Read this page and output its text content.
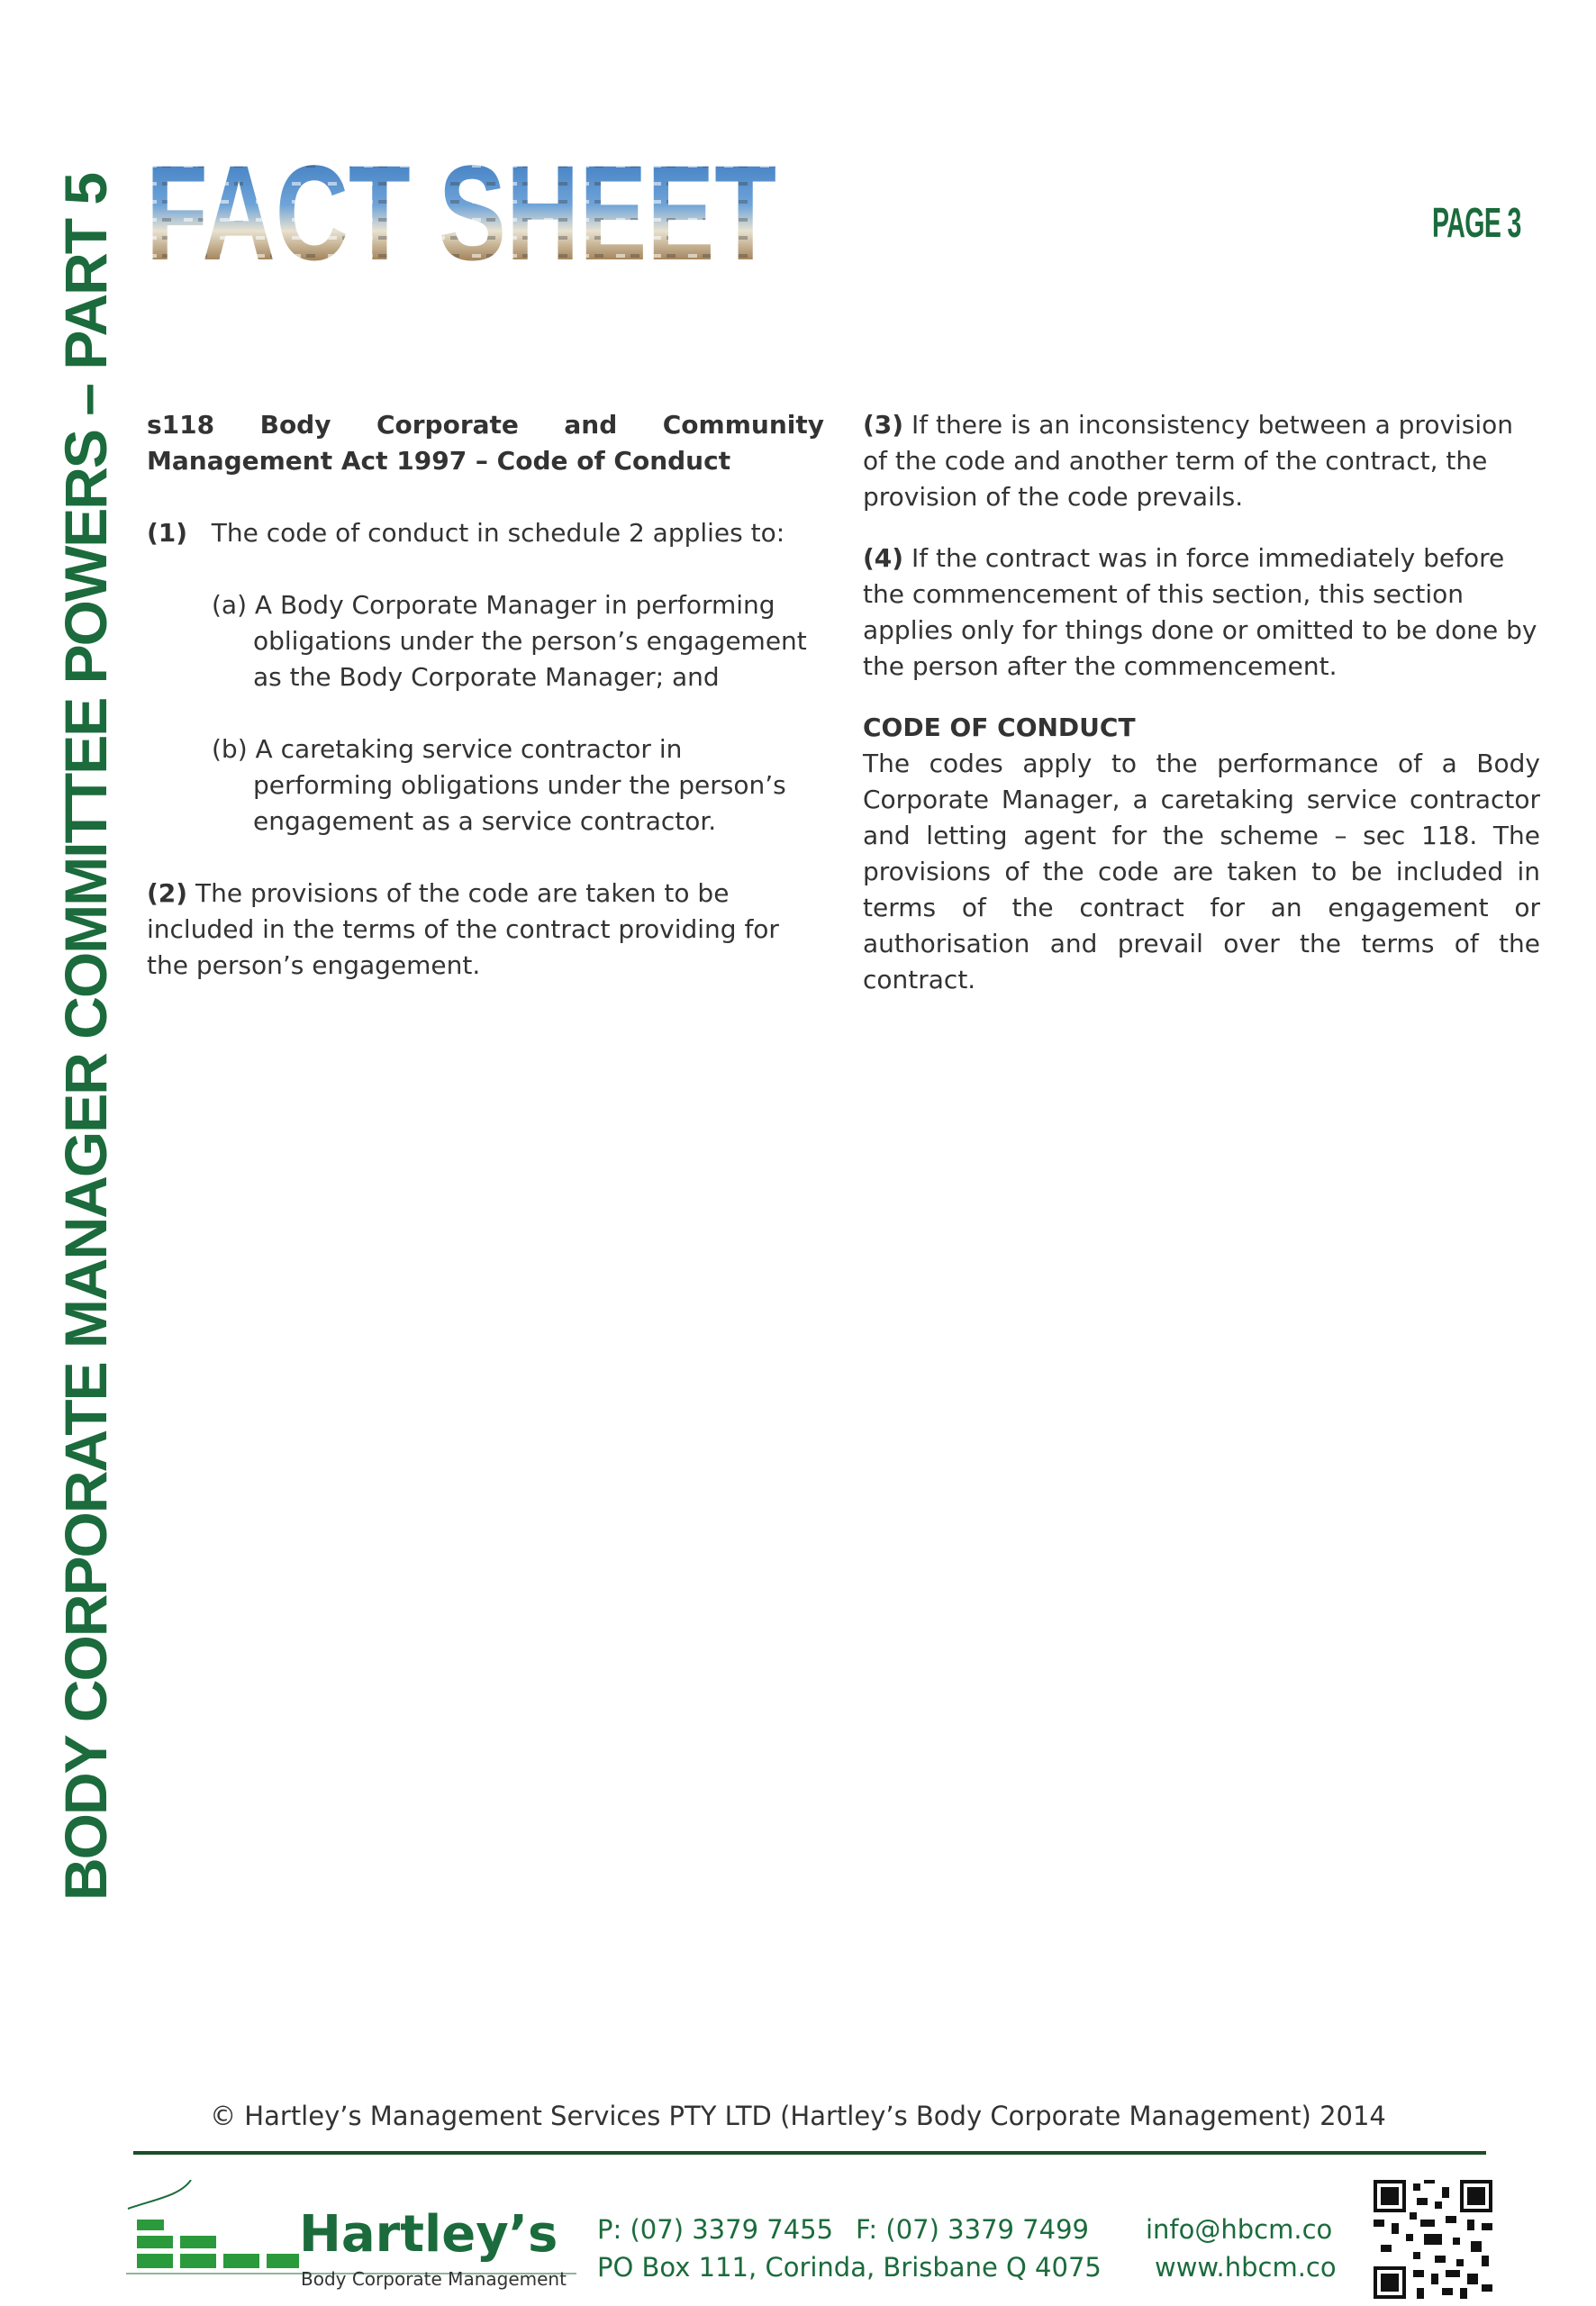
FACT SHEET
FACT SHEET	PAGE 3
BODY CORPORATE MANAGER COMMITTEE POWERS – PART 5 s118 Body Corporate and Community Management Act 1997 – Code of Conduct

(1) The code of conduct in schedule 2 applies to:

(a) A Body Corporate Manager in performing obligations under the person’s engagement as the Body Corporate Manager; and

(b) A caretaking service contractor in performing obligations under the person’s engagement as a service contractor.

(2) The provisions of the code are taken to be included in the terms of the contract providing for the person’s engagement.

(3) If there is an inconsistency between a provision of the code and another term of the contract, the provision of the code prevails.

(4) If the contract was in force immediately before the commencement of this section, this section applies only for things done or omitted to be done by the person after the commencement.

CODE OF CONDUCT

The codes apply to the performance of a Body Corporate Manager, a caretaking service contractor and letting agent for the scheme – sec 118. The provisions of the code are taken to be included in terms of the contract for an engagement or authorisation and prevail over the terms of the contract.

© Hartley’s Management Services PTY LTD (Hartley’s Body Corporate Management) 2014
Hartley’s
Body Corporate Management
P: (07) 3379 7455 F: (07) 3379 7499
PO Box 111, Corinda, Brisbane Q 4075
info@hbcm.co
www.hbcm.co
